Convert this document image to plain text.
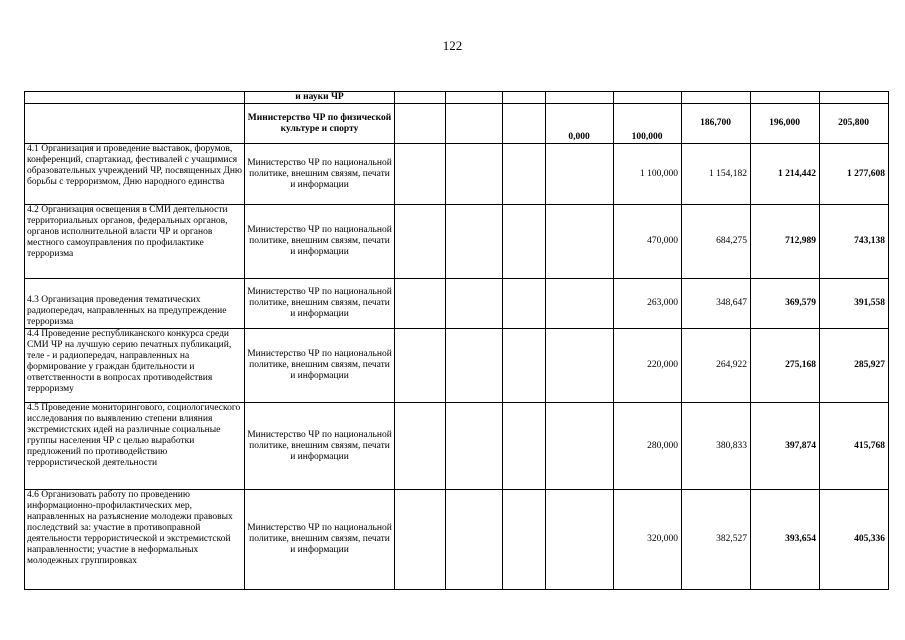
122
	и науки ЧР								
	Министерство ЧР по физической культуре и спорту				0,000	100,000	186,700	196,000	205,800
4.1 Организация и проведение выставок, форумов, конференций, спартакиад, фестивалей с учащимися образовательных учреждений ЧР, посвященных Дню борьбы с терроризмом, Дню народного единства	Министерство ЧР по национальной политике, внешним связям, печати и информации					1 100,000	1 154,182	1 214,442	1 277,608
4.2 Организация освещения в СМИ деятельности территориальных органов, федеральных органов, органов исполнительной власти ЧР и органов местного самоуправления по профилактике терроризма	Министерство ЧР по национальной политике, внешним связям, печати и информации					470,000	684,275	712,989	743,138
4.3 Организация проведения тематических радиопередач, направленных на предупреждение терроризма	Министерство ЧР по национальной политике, внешним связям, печати и информации					263,000	348,647	369,579	391,558
4.4 Проведение республиканского конкурса среди СМИ ЧР на лучшую серию печатных публикаций, теле - и радиопередач, направленных на формирование у граждан бдительности и ответственности в вопросах противодействия терроризму	Министерство ЧР по национальной политике, внешним связям, печати и информации					220,000	264,922	275,168	285,927
4.5 Проведение мониторингового, социологического исследования по выявлению степени влияния экстремистских идей на различные социальные группы населения ЧР с целью выработки предложений по противодействию террористической деятельности	Министерство ЧР по национальной политике, внешним связям, печати и информации					280,000	380,833	397,874	415,768
4.6 Организовать работу по проведению информационно-профилактических мер, направленных на разъяснение молодежи правовых последствий за: участие в противоправной деятельности террористической и экстремистской направленности; участие в неформальных молодежных группировках	Министерство ЧР по национальной политике, внешним связям, печати и информации					320,000	382,527	393,654	405,336
